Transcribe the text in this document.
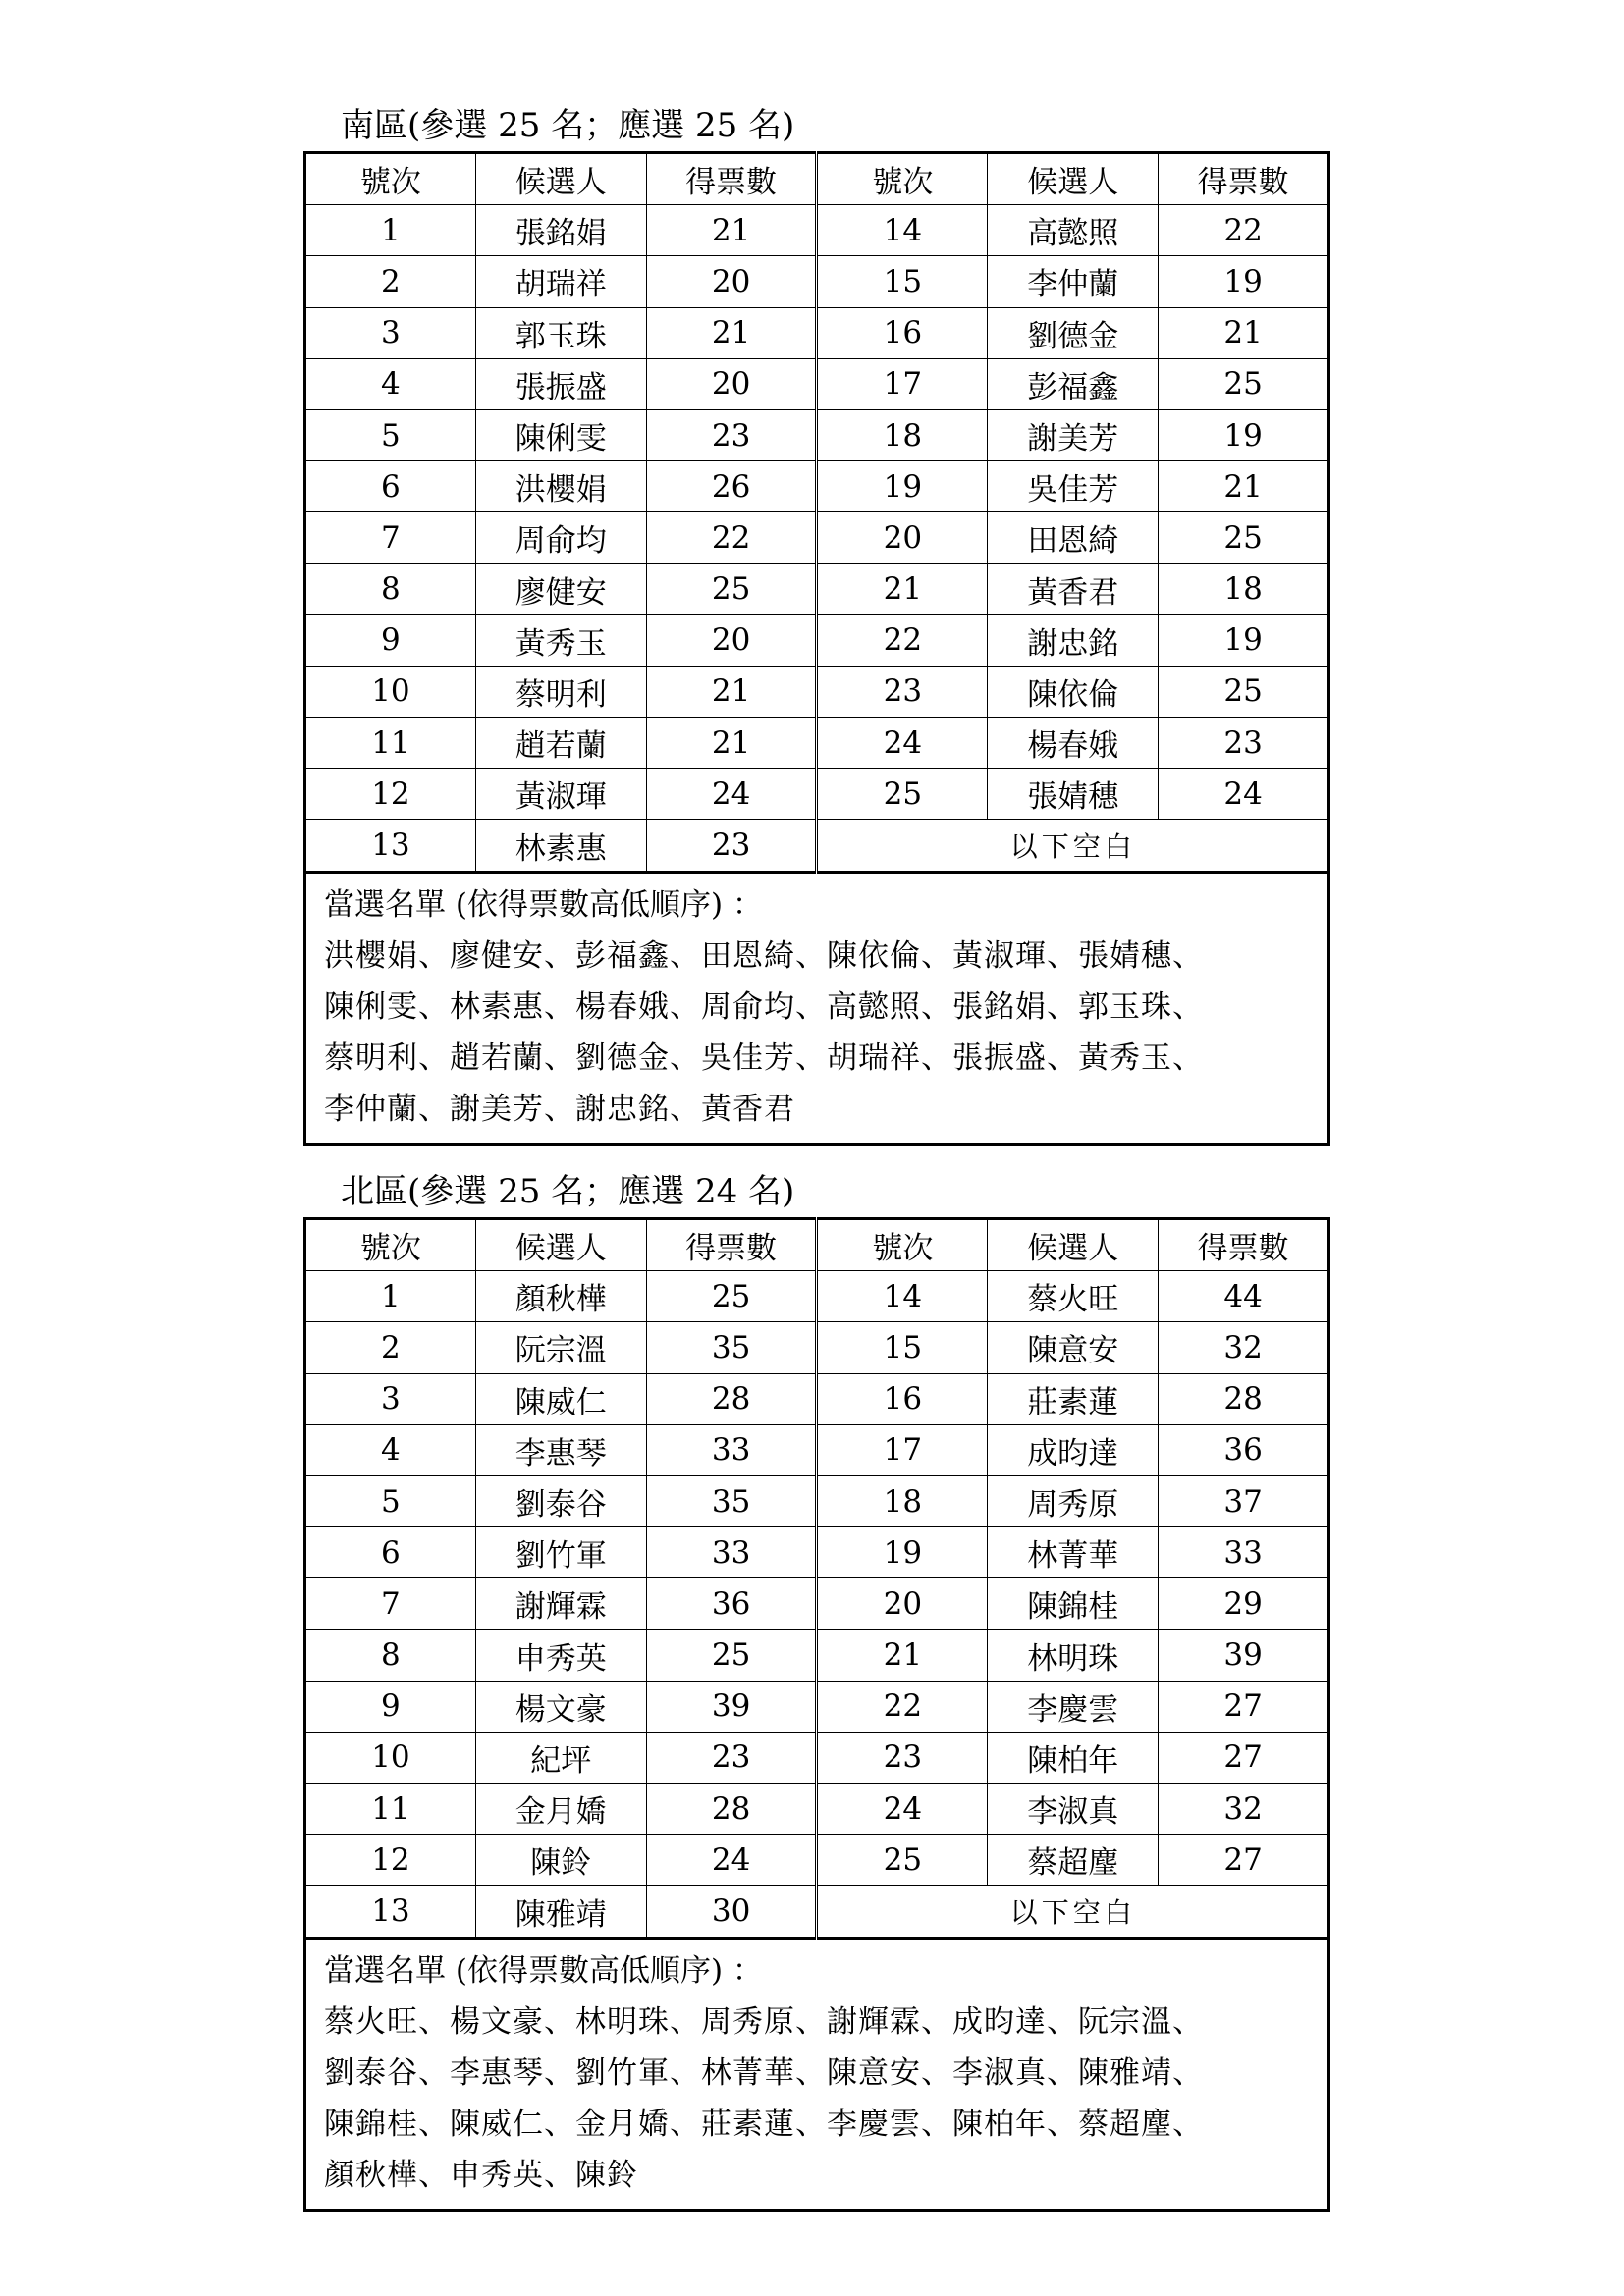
南區(參選 25 名；應選 25 名)
號次	候選人	得票數	號次	候選人	得票數
1	張銘娟	21	14	高懿照	22
2	胡瑞祥	20	15	李仲蘭	19
3	郭玉珠	21	16	劉德金	21
4	張振盛	20	17	彭福鑫	25
5	陳俐雯	23	18	謝美芳	19
6	洪櫻娟	26	19	吳佳芳	21
7	周俞均	22	20	田恩綺	25
8	廖健安	25	21	黃香君	18
9	黃秀玉	20	22	謝忠銘	19
10	蔡明利	21	23	陳依倫	25
11	趙若蘭	21	24	楊春娥	23
12	黃淑琿	24	25	張婧穗	24
13	林素惠	23	以下空白		
當選名單 (依得票數高低順序) ：
洪櫻娟、廖健安、彭福鑫、田恩綺、陳依倫、黃淑琿、張婧穗、
陳俐雯、林素惠、楊春娥、周俞均、高懿照、張銘娟、郭玉珠、
蔡明利、趙若蘭、劉德金、吳佳芳、胡瑞祥、張振盛、黃秀玉、
李仲蘭、謝美芳、謝忠銘、黃香君
北區(參選 25 名；應選 24 名)
號次	候選人	得票數	號次	候選人	得票數
1	顏秋樺	25	14	蔡火旺	44
2	阮宗溫	35	15	陳意安	32
3	陳威仁	28	16	莊素蓮	28
4	李惠琴	33	17	成昀達	36
5	劉泰谷	35	18	周秀原	37
6	劉竹軍	33	19	林菁華	33
7	謝輝霖	36	20	陳錦桂	29
8	申秀英	25	21	林明珠	39
9	楊文豪	39	22	李慶雲	27
10	紀坪	23	23	陳柏年	27
11	金月嬌	28	24	李淑真	32
12	陳鈴	24	25	蔡超麈	27
13	陳雅靖	30	以下空白		
當選名單 (依得票數高低順序) ：
蔡火旺、楊文豪、林明珠、周秀原、謝輝霖、成昀達、阮宗溫、
劉泰谷、李惠琴、劉竹軍、林菁華、陳意安、李淑真、陳雅靖、
陳錦桂、陳威仁、金月嬌、莊素蓮、李慶雲、陳柏年、蔡超麈、
顏秋樺、申秀英、陳鈴
